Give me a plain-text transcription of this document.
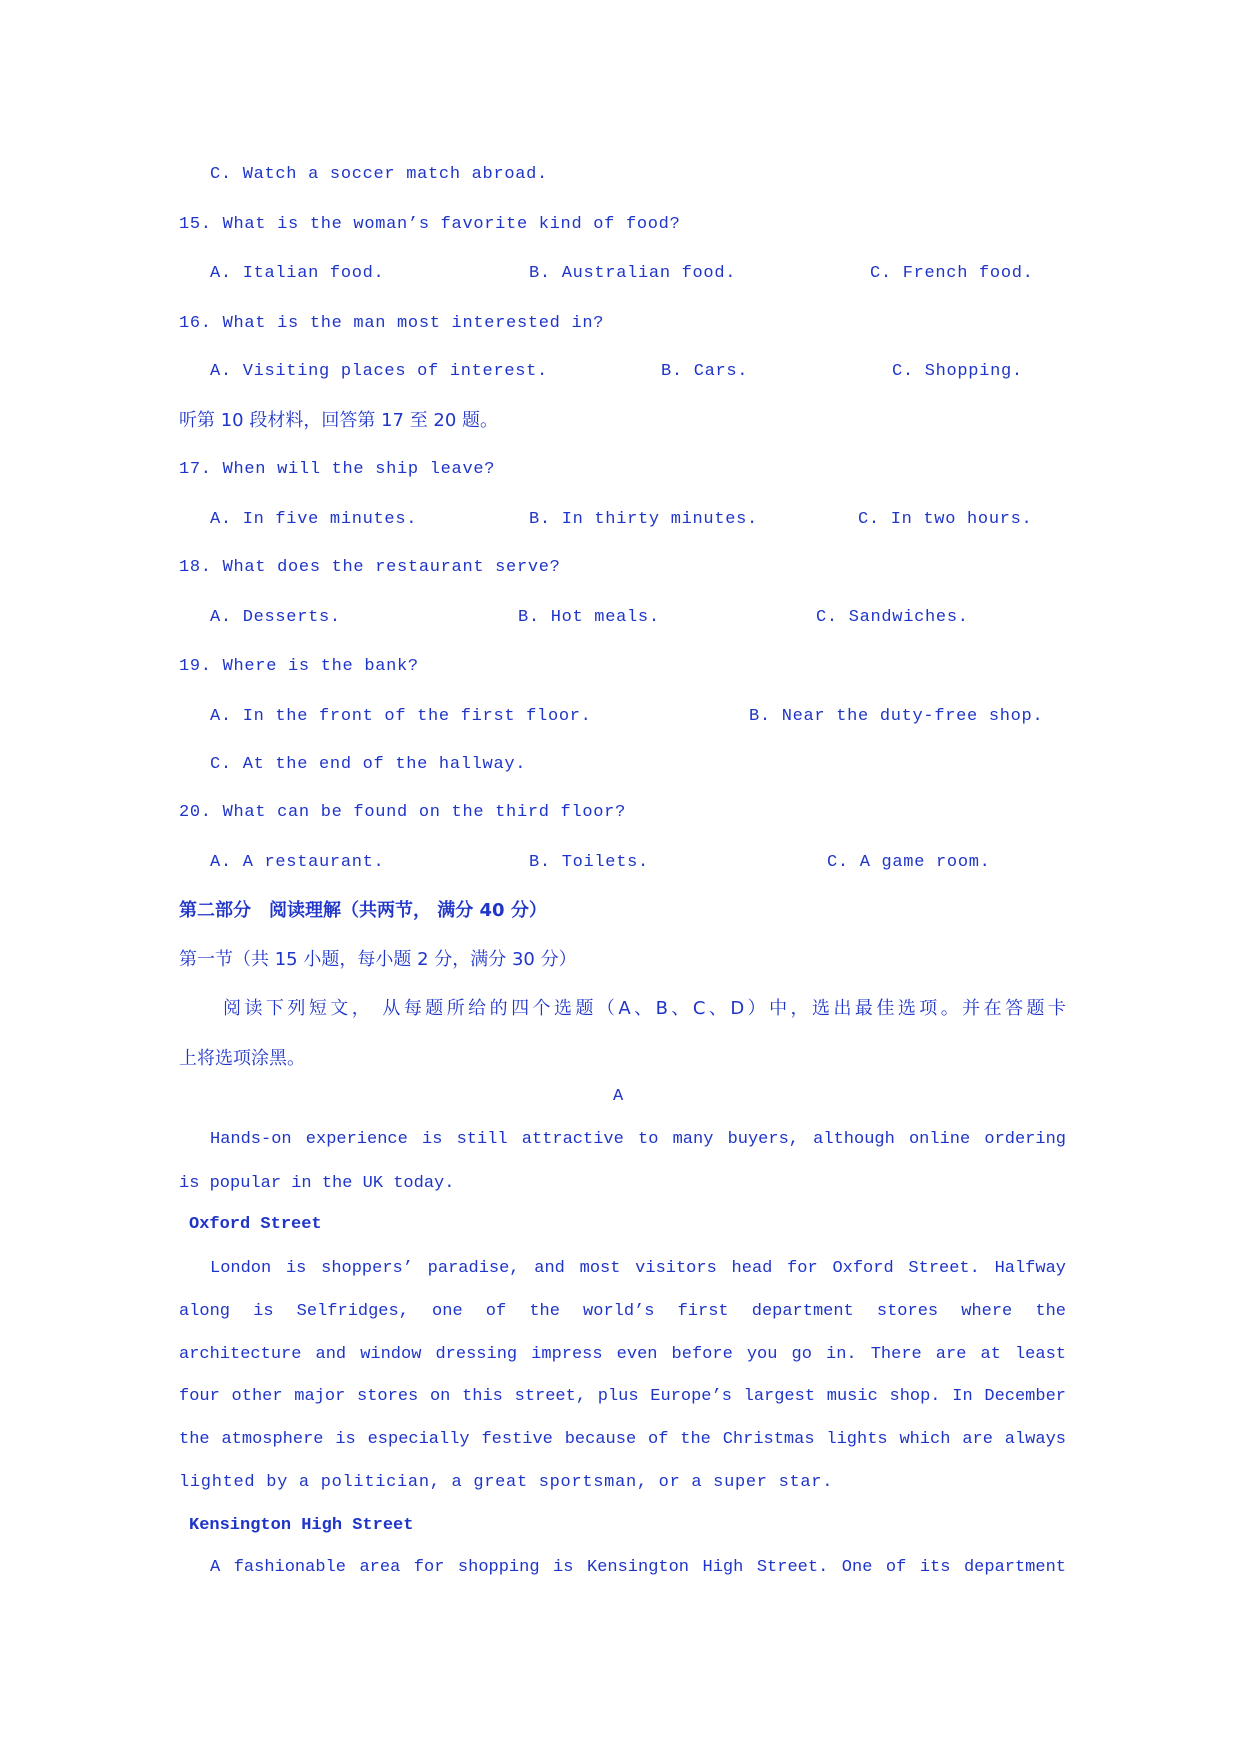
C. Watch a soccer match abroad.
15. What is the woman’s favorite kind of food?
A. Italian food.	B. Australian food.	C. French food.
16. What is the man most interested in?
A. Visiting places of interest.	B. Cars.	C. Shopping.
听第 10 段材料，回答第 17 至 20 题。
17. When will the ship leave?
A. In five minutes.	B. In thirty minutes.	C. In two hours.
18. What does the restaurant serve?
A. Desserts.	B. Hot meals.	C. Sandwiches.
19. Where is the bank?
A. In the front of the first floor.	B. Near the duty-free shop.
C. At the end of the hallway.
20. What can be found on the third floor?
A. A restaurant.	B. Toilets.	C. A game room.
第二部分　阅读理解（共两节， 满分 40 分）
第一节（共 15 小题，每小题 2 分，满分 30 分）
阅读下列短文， 从每题所给的四个选题（A、B、C、D）中，选出最佳选项。并在答题卡
上将选项涂黑。
A
Hands-on experience is still attractive to many buyers, although online ordering
is popular in the UK today.
Oxford Street
London is shoppers’ paradise, and most visitors head for Oxford Street. Halfway
along is Selfridges, one of the world’s first department stores where the
architecture and window dressing impress even before you go in. There are at least
four other major stores on this street, plus Europe’s largest music shop. In December
the atmosphere is especially festive because of the Christmas lights which are always
lighted by a politician, a great sportsman, or a super star.
Kensington High Street
A fashionable area for shopping is Kensington High Street. One of its department
